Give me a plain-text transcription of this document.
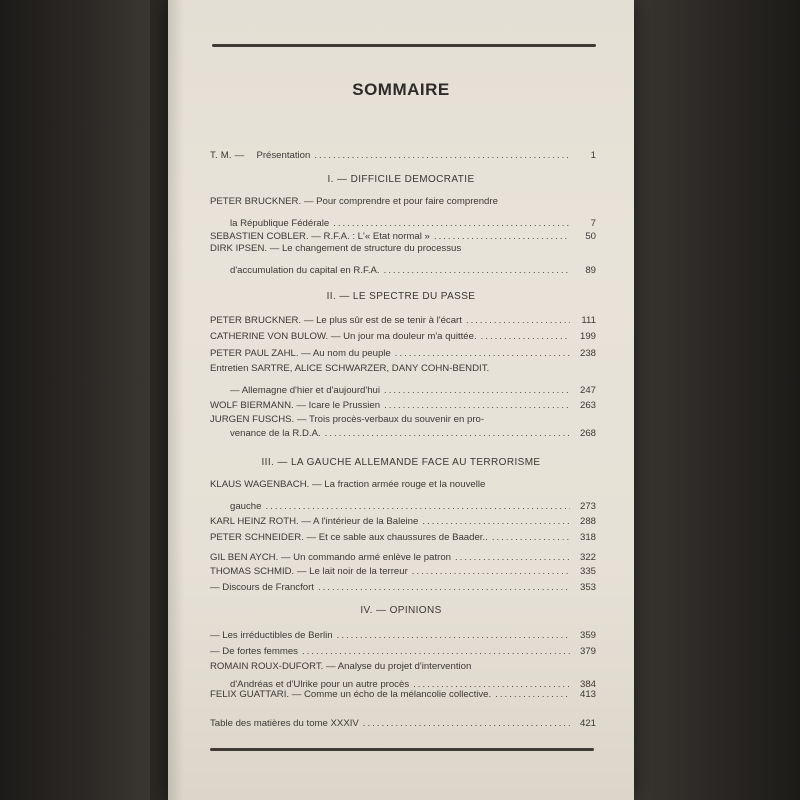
SOMMAIRE
T. M. — Présentation .....	1
I. — DIFFICILE DEMOCRATIE
PETER BRUCKNER. — Pour comprendre et pour faire comprendre
la République Fédérale .....	7
SEBASTIEN COBLER. — R.F.A. : L'« Etat normal » .....	50
DIRK IPSEN. — Le changement de structure du processus
d'accumulation du capital en R.F.A. .....	89
II. — LE SPECTRE DU PASSE
PETER BRUCKNER. — Le plus sûr est de se tenir à l'écart .....	111
CATHERINE VON BULOW. — Un jour ma douleur m'a quittée. .....	199
PETER PAUL ZAHL. — Au nom du peuple .....	238
Entretien SARTRE, ALICE SCHWARZER, DANY COHN-BENDIT.
— Allemagne d'hier et d'aujourd'hui .....	247
WOLF BIERMANN. — Icare le Prussien .....	263
JURGEN FUSCHS. — Trois procès-verbaux du souvenir en pro-
venance de la R.D.A. .....	268
III. — LA GAUCHE ALLEMANDE FACE AU TERRORISME
KLAUS WAGENBACH. — La fraction armée rouge et la nouvelle
gauche .....	273
KARL HEINZ ROTH. — A l'intérieur de la Baleine .....	288
PETER SCHNEIDER. — Et ce sable aux chaussures de Baader.. .....	318
GIL BEN AYCH. — Un commando armé enlève le patron .....	322
THOMAS SCHMID. — Le lait noir de la terreur .....	335
— Discours de Francfort .....	353
IV. — OPINIONS
— Les irréductibles de Berlin .....	359
— De fortes femmes .....	379
ROMAIN ROUX-DUFORT. — Analyse du projet d'intervention
d'Andréas et d'Ulrike pour un autre procès .....	384
FELIX GUATTARI. — Comme un écho de la mélancolie collective. .....	413
Table des matières du tome XXXIV .....	421
